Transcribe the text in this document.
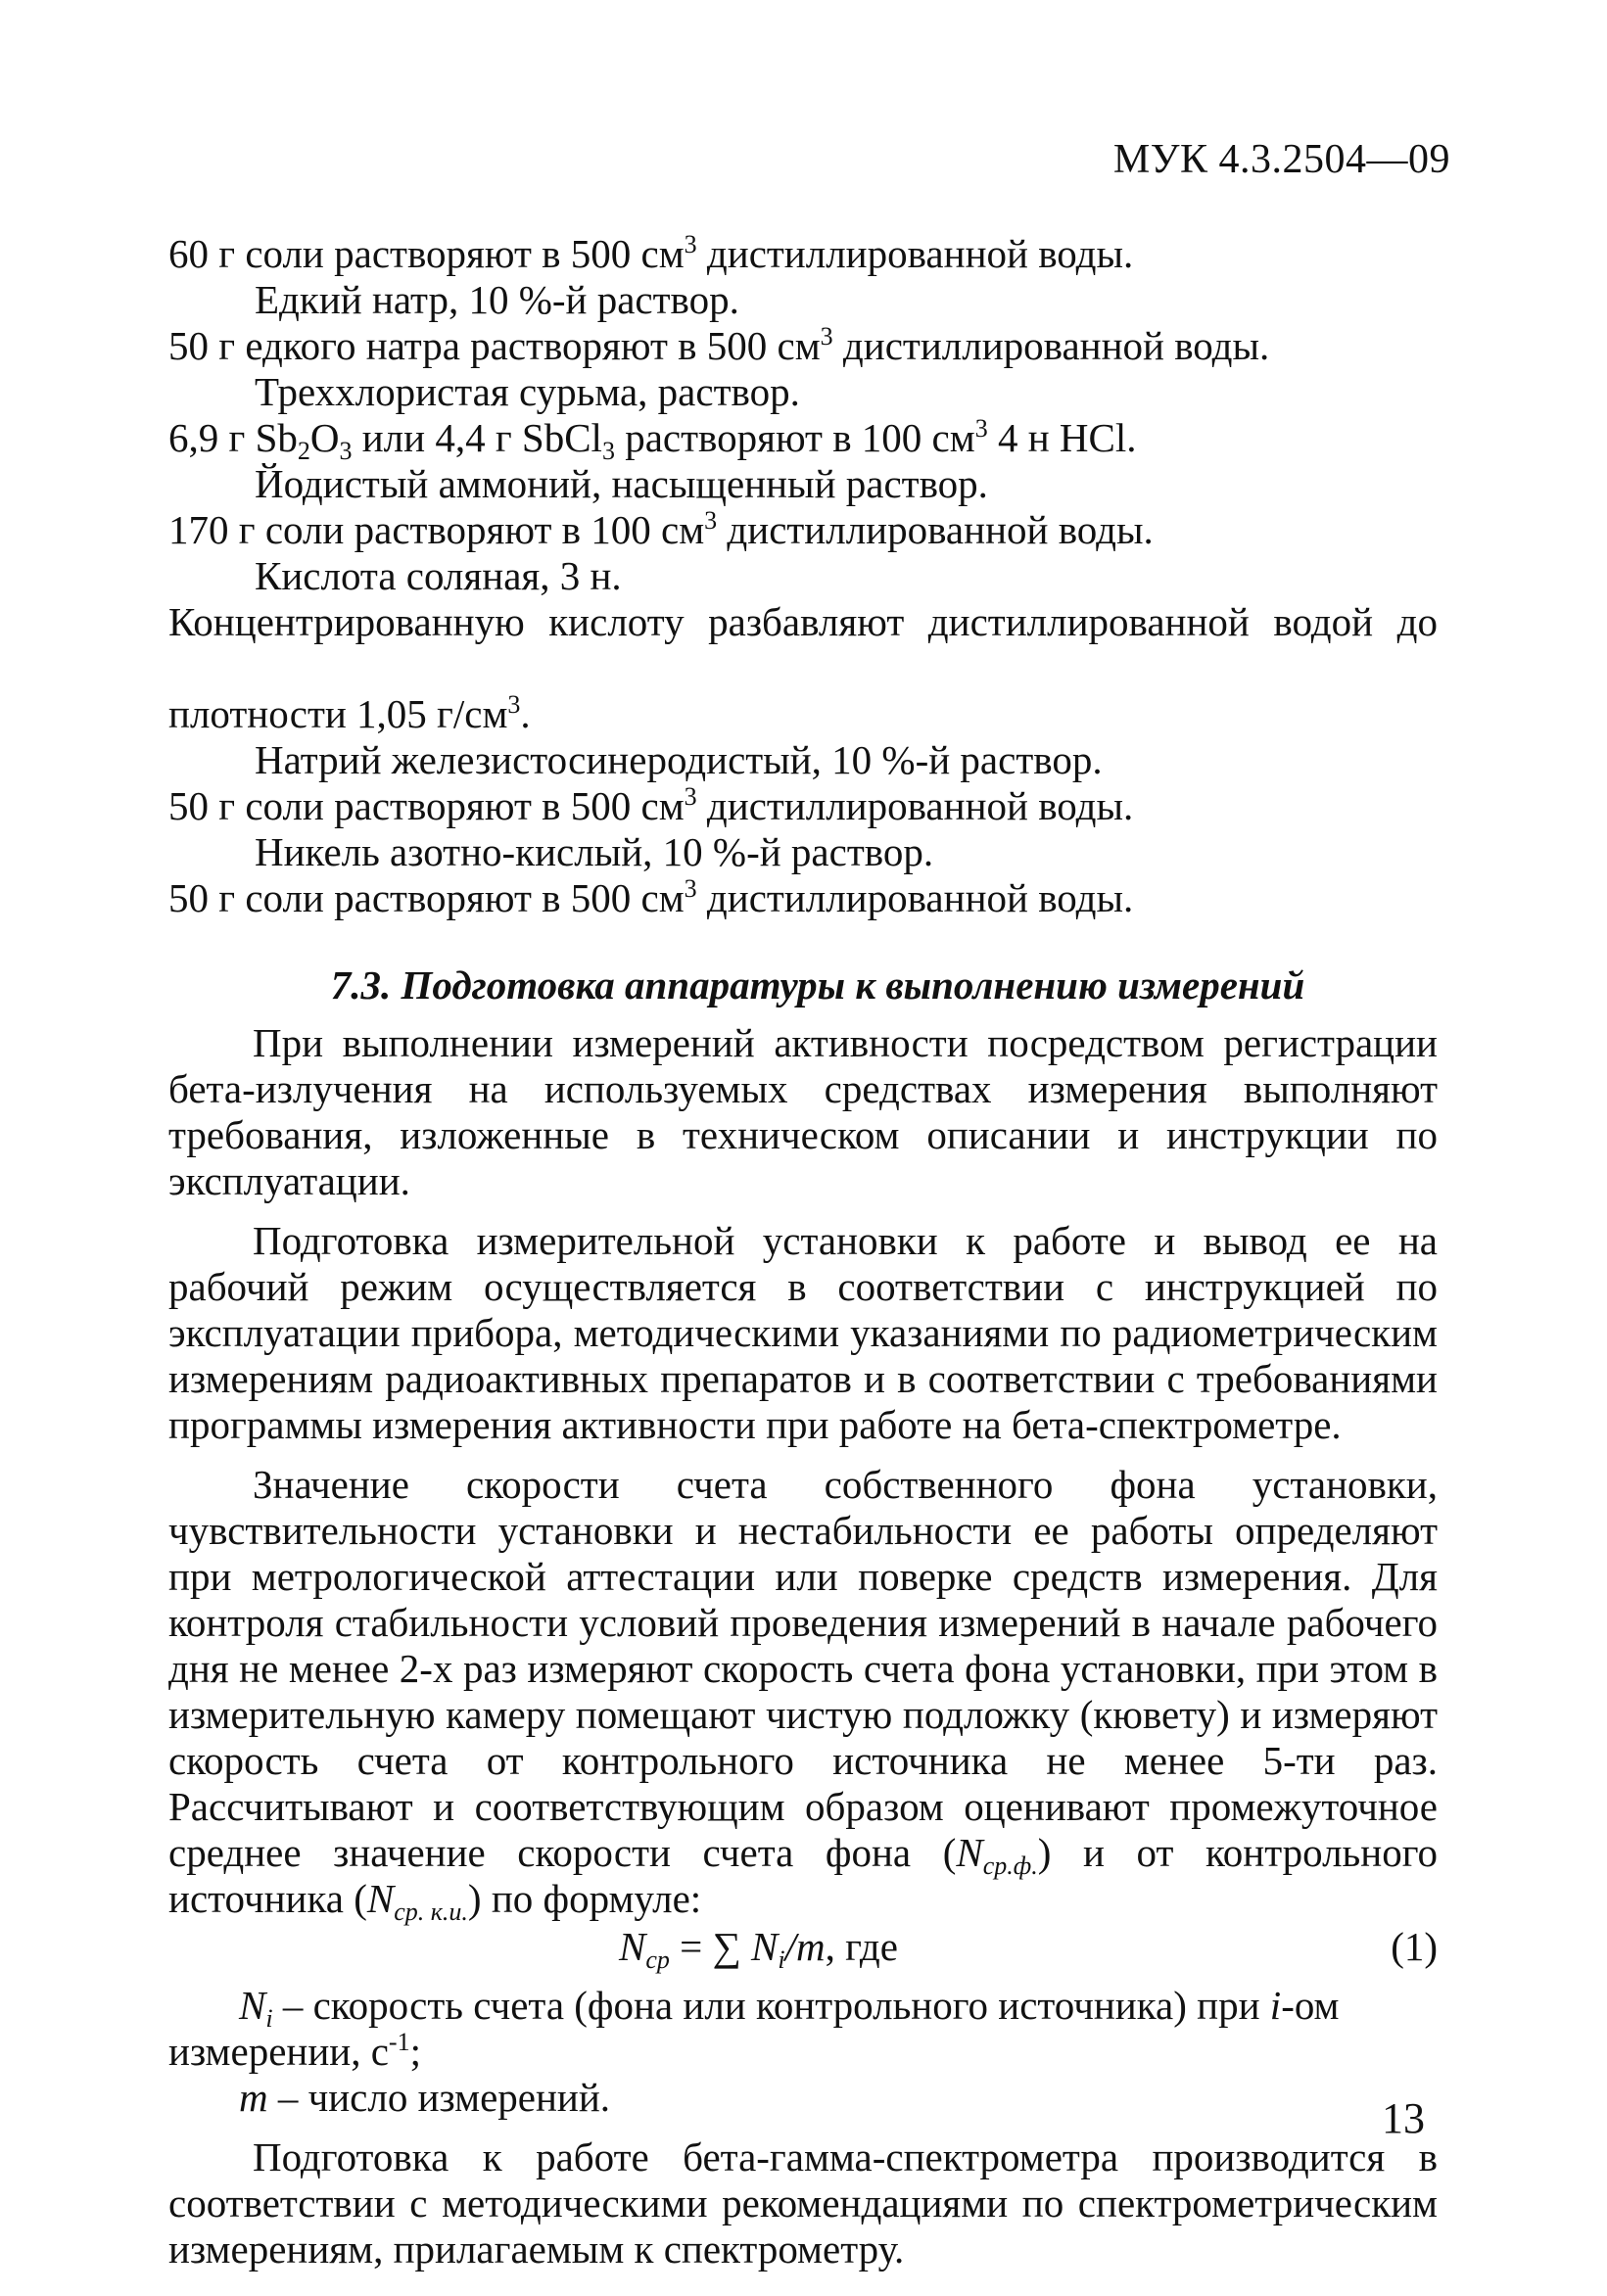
МУК 4.3.2504—09
60 г соли растворяют в 500 $см^3$ дистиллированной воды.
Едкий натр, 10 %-й раствор.
50 г едкого натра растворяют в 500 $см^3$ дистиллированной воды.
Треххлористая сурьма, раствор.
6,9 г $Sb_2O_3$ или 4,4 г SbCl$_3$ растворяют в 100 $см^3$ 4 н HCl.
Йодистый аммоний, насыщенный раствор.
170 г соли растворяют в 100 $см^3$ дистиллированной воды.
Кислота соляная, 3 н.
Концентрированную кислоту разбавляют дистиллированной водой до
плотности 1,05 $г/см^3$.
Натрий железистосинеродистый, 10 %-й раствор.
50 г соли растворяют в 500 $см^3$ дистиллированной воды.
Никель азотно-кислый, 10 %-й раствор.
50 г соли растворяют в 500 $см^3$ дистиллированной воды.
7.3. Подготовка аппаратуры к выполнению измерений

При выполнении измерений активности посредством регистрации бета-излучения на используемых средствах измерения выполняют требования, изложенные в техническом описании и инструкции по эксплуатации.

Подготовка измерительной установки к работе и вывод ее на рабочий режим осуществляется в соответствии с инструкцией по эксплуатации прибора, методическими указаниями по радиометрическим измерениям радиоактивных препаратов и в соответствии с требованиями программы измерения активности при работе на бета-спектрометре.

Значение скорости счета собственного фона установки, чувствительности установки и нестабильности ее работы определяют при метрологической аттестации или поверке средств измерения. Для контроля стабильности условий проведения измерений в начале рабочего дня не менее 2-х раз измеряют скорость счета фона установки, при этом в измерительную камеру помещают чистую подложку (кювету) и измеряют скорость счета от контрольного источника не менее 5-ти раз. Рассчитывают и соответствующим образом оценивают промежуточное среднее значение скорости счета фона $(N_{ср.ф.})$ и от контрольного источника $(N_{ср. к.и.})$ по формуле:

$N_{ср}$ = ∑ $N_i/m$, где	(1)
$N_i$ – скорость счета (фона или контрольного источника) при i-ом
измерении, $с^{-1}$;
m – число измерений.

Подготовка к работе бета-гамма-спектрометра производится в соответствии с методическими рекомендациями по спектрометрическим измерениям, прилагаемым к спектрометру.

13
